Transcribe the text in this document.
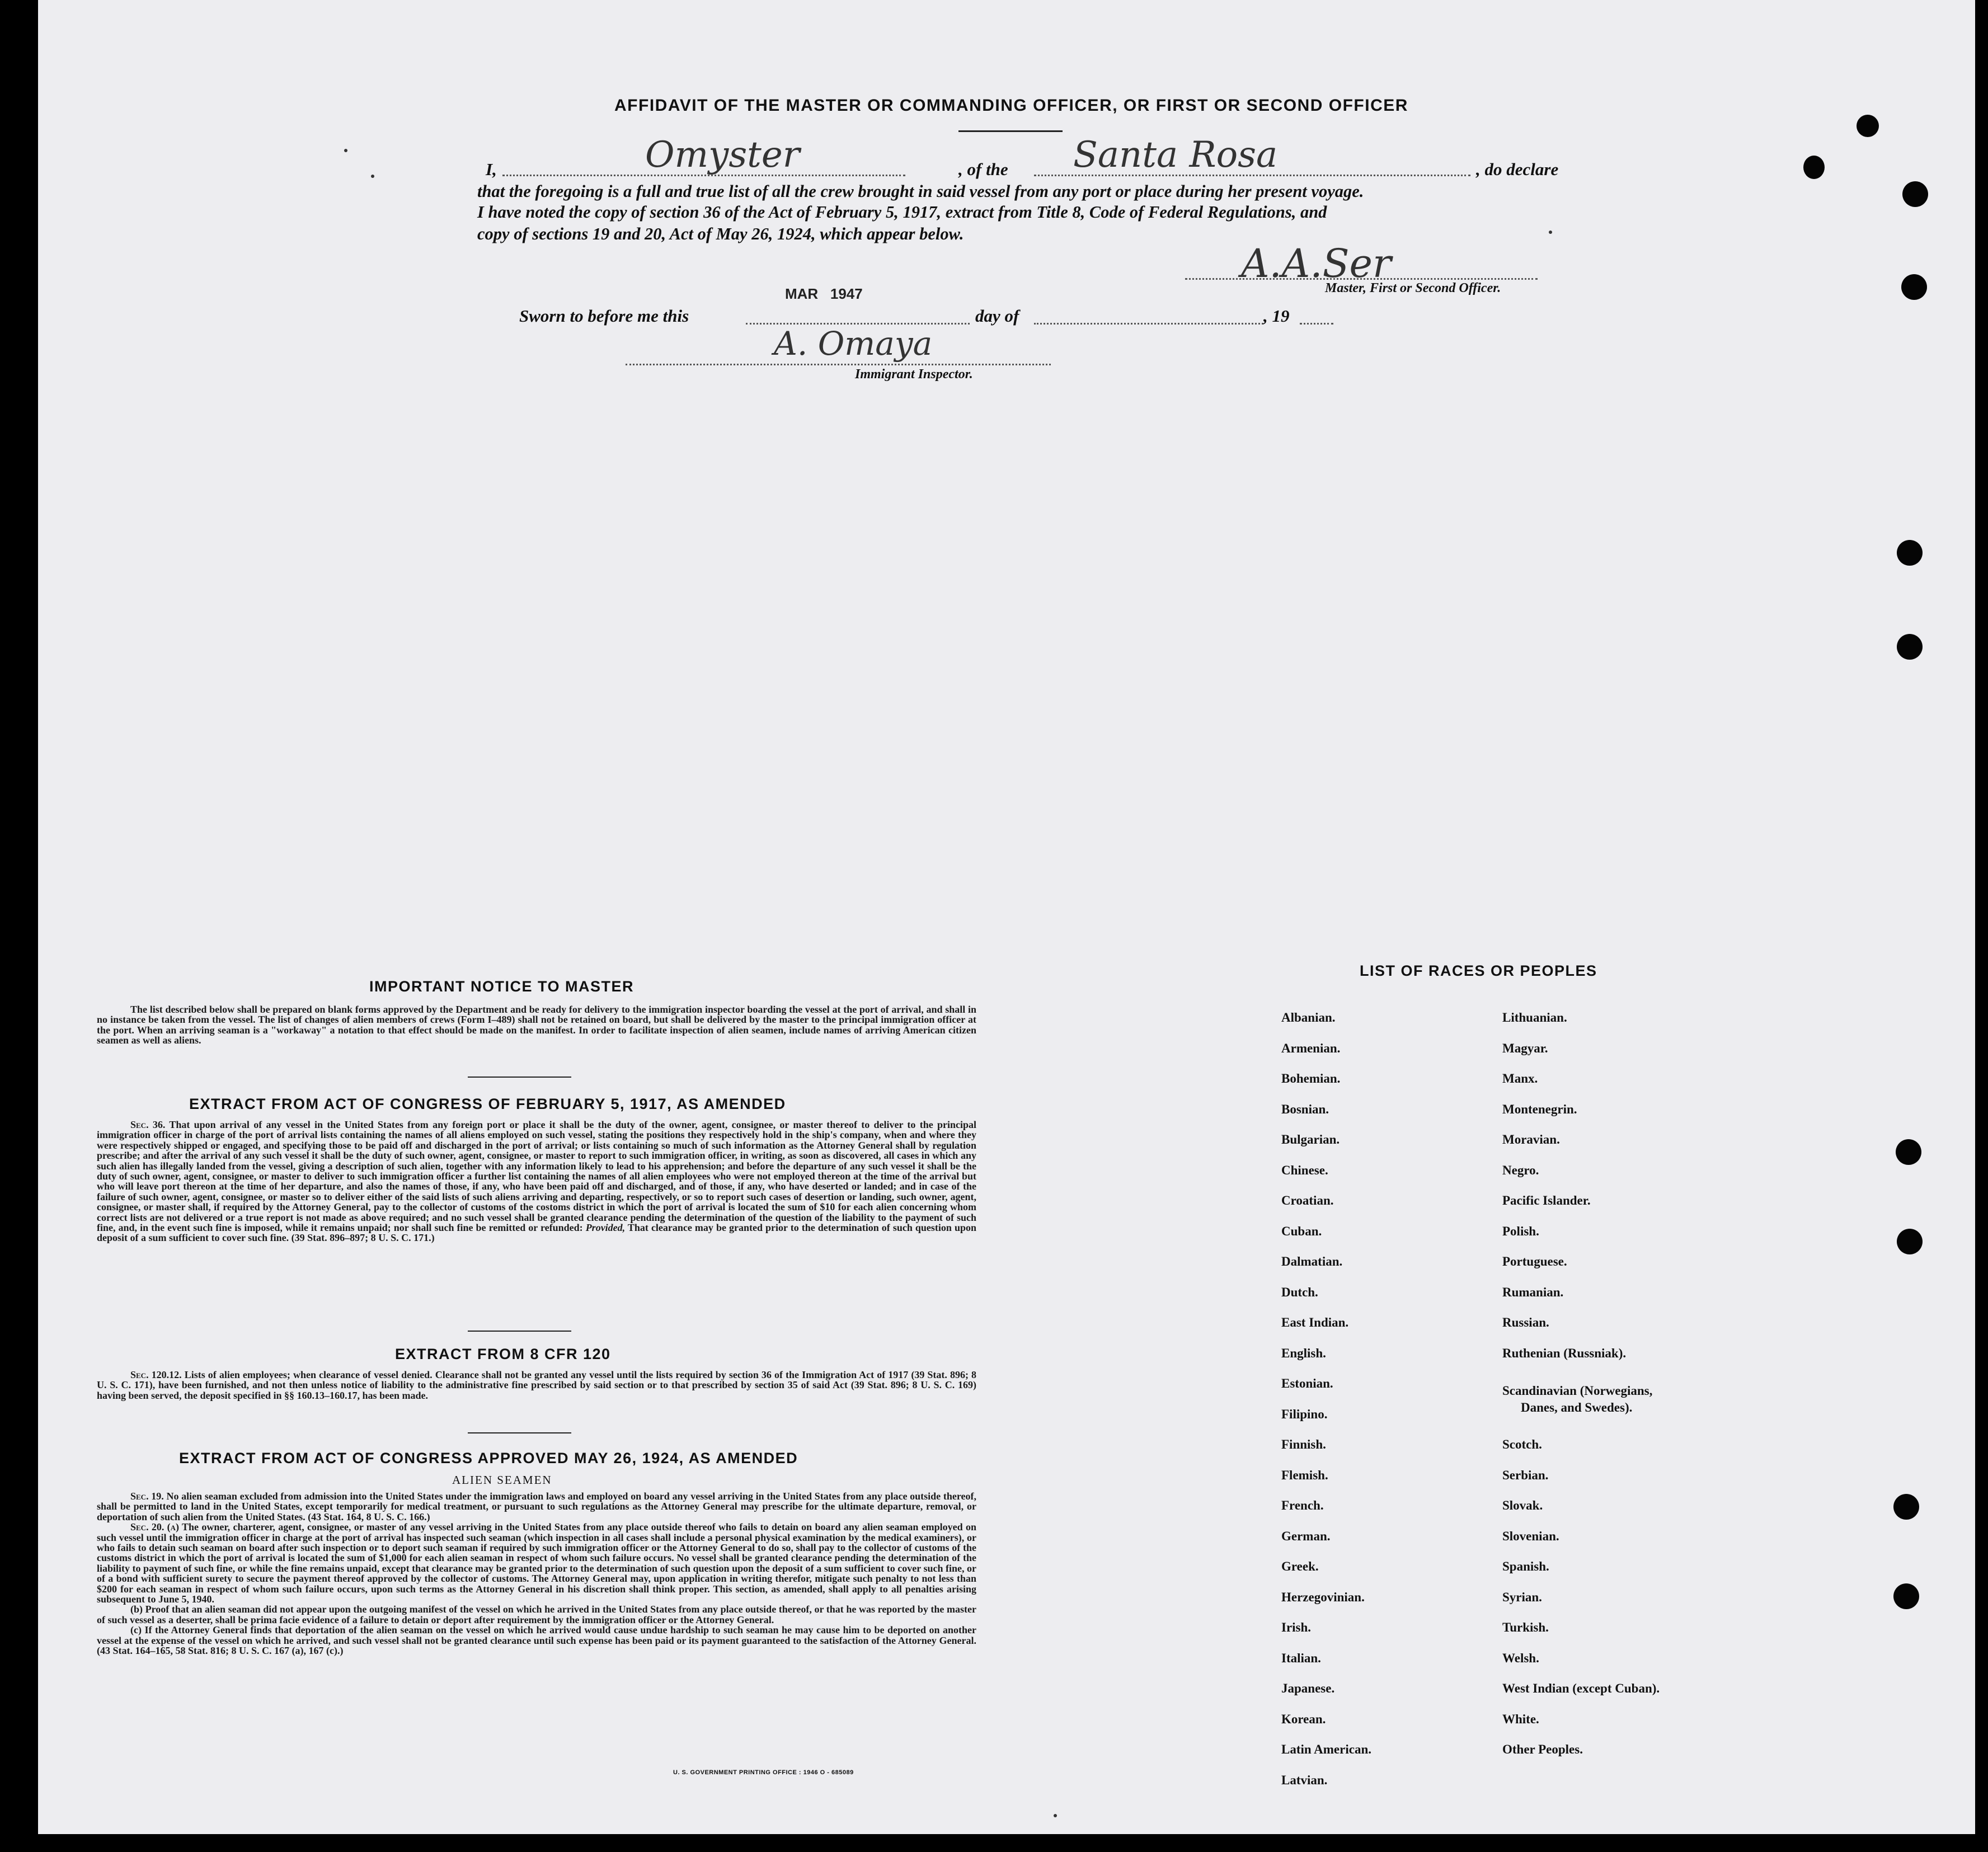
AFFIDAVIT OF THE MASTER OR COMMANDING OFFICER, OR FIRST OR SECOND OFFICER
I,	Omyster	, of the Santa Rosa	, do declare
that the foregoing is a full and true list of all the crew brought in said vessel from any port or place during her present voyage.
I have noted the copy of section 36 of the Act of February 5, 1917, extract from Title 8, Code of Federal Regulations, and
copy of sections 19 and 20, Act of May 26, 1924, which appear below.
A.A.Ser
Master, First or Second Officer.
Sworn to before me this
MAR   1947
day of	, 19
A. Omaya
Immigrant Inspector.
IMPORTANT NOTICE TO MASTER
The list described below shall be prepared on blank forms approved by the Department and be ready for delivery to the immigration inspector boarding the vessel at the port of arrival, and shall in no instance be taken from the vessel. The list of changes of alien members of crews (Form I–489) shall not be retained on board, but shall be delivered by the master to the principal immigration officer at the port. When an arriving seaman is a "workaway" a notation to that effect should be made on the manifest. In order to facilitate inspection of alien seamen, include names of arriving American citizen seamen as well as aliens.
EXTRACT FROM ACT OF CONGRESS OF FEBRUARY 5, 1917, AS AMENDED
Sec. 36. That upon arrival of any vessel in the United States from any foreign port or place it shall be the duty of the owner, agent, consignee, or master thereof to deliver to the principal immigration officer in charge of the port of arrival lists containing the names of all aliens employed on such vessel, stating the positions they respectively hold in the ship's company, when and where they were respectively shipped or engaged, and specifying those to be paid off and discharged in the port of arrival; or lists containing so much of such information as the Attorney General shall by regulation prescribe; and after the arrival of any such vessel it shall be the duty of such owner, agent, consignee, or master to report to such immigration officer, in writing, as soon as discovered, all cases in which any such alien has illegally landed from the vessel, giving a description of such alien, together with any information likely to lead to his apprehension; and before the departure of any such vessel it shall be the duty of such owner, agent, consignee, or master to deliver to such immigration officer a further list containing the names of all alien employees who were not employed thereon at the time of the arrival but who will leave port thereon at the time of her departure, and also the names of those, if any, who have been paid off and discharged, and of those, if any, who have deserted or landed; and in case of the failure of such owner, agent, consignee, or master so to deliver either of the said lists of such aliens arriving and departing, respectively, or so to report such cases of desertion or landing, such owner, agent, consignee, or master shall, if required by the Attorney General, pay to the collector of customs of the costoms district in which the port of arrival is located the sum of $10 for each alien concerning whom correct lists are not delivered or a true report is not made as above required; and no such vessel shall be granted clearance pending the determination of the question of the liability to the payment of such fine, and, in the event such fine is imposed, while it remains unpaid; nor shall such fine be remitted or refunded: Provided, That clearance may be granted prior to the determination of such question upon deposit of a sum sufficient to cover such fine. (39 Stat. 896–897; 8 U. S. C. 171.)
EXTRACT FROM 8 CFR 120
Sec. 120.12. Lists of alien employees; when clearance of vessel denied. Clearance shall not be granted any vessel until the lists required by section 36 of the Immigration Act of 1917 (39 Stat. 896; 8 U. S. C. 171), have been furnished, and not then unless notice of liability to the administrative fine prescribed by said section or to that prescribed by section 35 of said Act (39 Stat. 896; 8 U. S. C. 169) having been served, the deposit specified in §§ 160.13–160.17, has been made.
EXTRACT FROM ACT OF CONGRESS APPROVED MAY 26, 1924, AS AMENDED
ALIEN SEAMEN
Sec. 19. No alien seaman excluded from admission into the United States under the immigration laws and employed on board any vessel arriving in the United States from any place outside thereof, shall be permitted to land in the United States, except temporarily for medical treatment, or pursuant to such regulations as the Attorney General may prescribe for the ultimate departure, removal, or deportation of such alien from the United States. (43 Stat. 164, 8 U. S. C. 166.)
Sec. 20. (a) The owner, charterer, agent, consignee, or master of any vessel arriving in the United States from any place outside thereof who fails to detain on board any alien seaman employed on such vessel until the immigration officer in charge at the port of arrival has inspected such seaman (which inspection in all cases shall include a personal physical examination by the medical examiners), or who fails to detain such seaman on board after such inspection or to deport such seaman if required by such immigration officer or the Attorney General to do so, shall pay to the collector of customs of the customs district in which the port of arrival is located the sum of $1,000 for each alien seaman in respect of whom such failure occurs. No vessel shall be granted clearance pending the determination of the liability to payment of such fine, or while the fine remains unpaid, except that clearance may be granted prior to the determination of such question upon the deposit of a sum sufficient to cover such fine, or of a bond with sufficient surety to secure the payment thereof approved by the collector of customs. The Attorney General may, upon application in writing therefor, mitigate such penalty to not less than $200 for each seaman in respect of whom such failure occurs, upon such terms as the Attorney General in his discretion shall think proper. This section, as amended, shall apply to all penalties arising subsequent to June 5, 1940.
(b) Proof that an alien seaman did not appear upon the outgoing manifest of the vessel on which he arrived in the United States from any place outside thereof, or that he was reported by the master of such vessel as a deserter, shall be prima facie evidence of a failure to detain or deport after requirement by the immigration officer or the Attorney General.
(c) If the Attorney General finds that deportation of the alien seaman on the vessel on which he arrived would cause undue hardship to such seaman he may cause him to be deported on another vessel at the expense of the vessel on which he arrived, and such vessel shall not be granted clearance until such expense has been paid or its payment guaranteed to the satisfaction of the Attorney General. (43 Stat. 164–165, 58 Stat. 816; 8 U. S. C. 167 (a), 167 (c).)
U. S. GOVERNMENT PRINTING OFFICE : 1946 O - 685089
LIST OF RACES OR PEOPLES
Albanian.
Armenian.
Bohemian.
Bosnian.
Bulgarian.
Chinese.
Croatian.
Cuban.
Dalmatian.
Dutch.
East Indian.
English.
Estonian.
Filipino.
Finnish.
Flemish.
French.
German.
Greek.
Herzegovinian.
Irish.
Italian.
Japanese.
Korean.
Latin American.
Latvian.
Lithuanian.
Magyar.
Manx.
Montenegrin.
Moravian.
Negro.
Pacific Islander.
Polish.
Portuguese.
Rumanian.
Russian.
Ruthenian (Russniak).
Scandinavian (Norwegians,
Danes, and Swedes).
Scotch.
Serbian.
Slovak.
Slovenian.
Spanish.
Syrian.
Turkish.
Welsh.
West Indian (except Cuban).
White.
Other Peoples.
